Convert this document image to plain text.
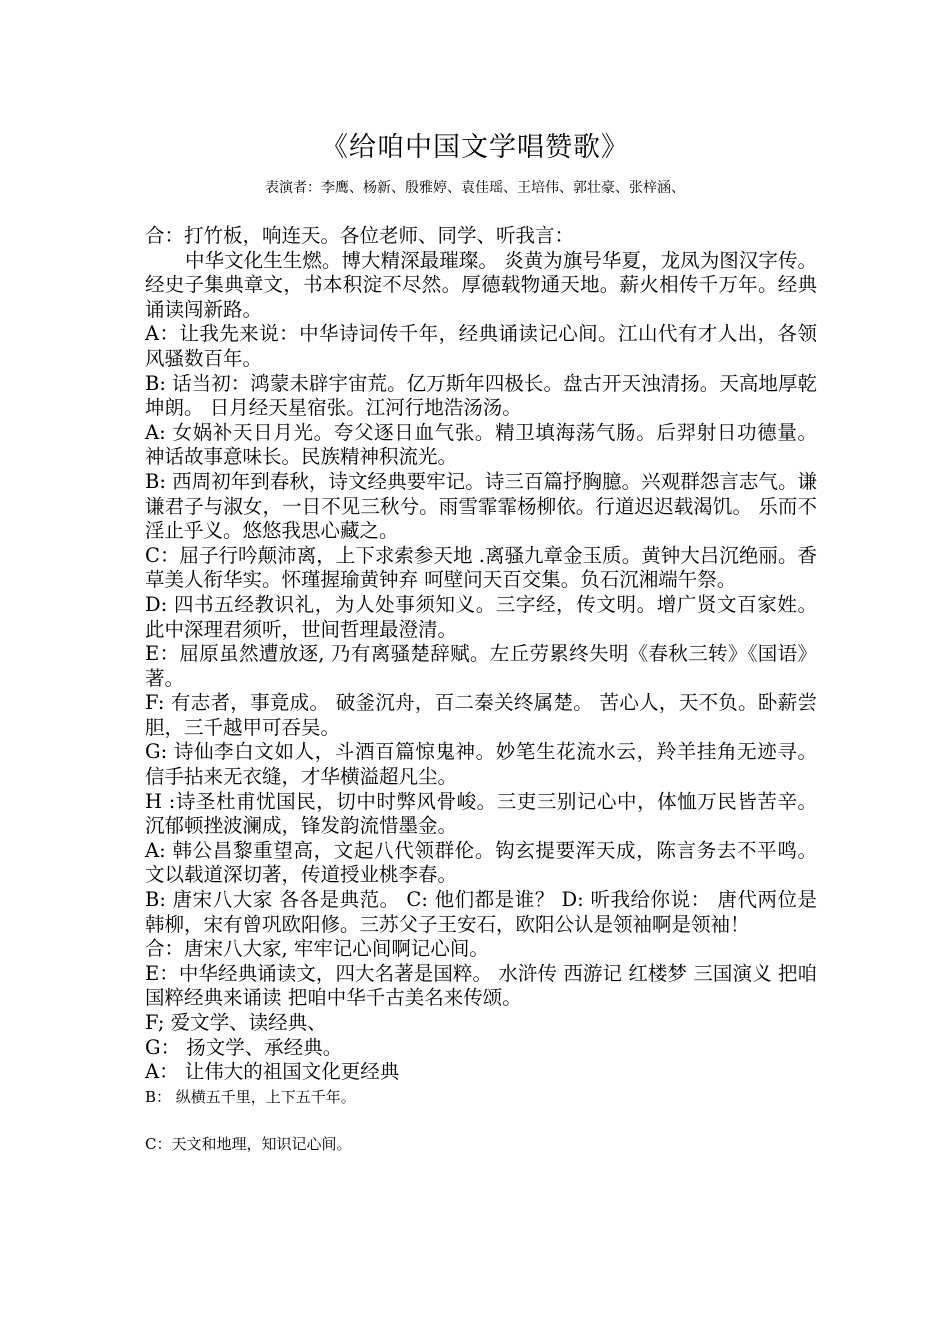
《给咱中国文学唱赞歌》
表演者：李鹰、杨新、殷雅婷、袁佳瑶、王培伟、郭壮豪、张梓涵、

合：打竹板，响连天。各位老师、同学、听我言：

中华文化生生燃。博大精深最璀璨。 炎黄为旗号华夏，龙凤为图汉字传。经史子集典章文，书本积淀不尽然。厚德载物通天地。薪火相传千万年。经典诵读闯新路。

A：让我先来说：中华诗词传千年，经典诵读记心间。江山代有才人出，各领风骚数百年。

B: 话当初：鸿蒙未辟宇宙荒。亿万斯年四极长。盘古开天浊清扬。天高地厚乾坤朗。 日月经天星宿张。江河行地浩汤汤。

A: 女娲补天日月光。夸父逐日血气张。精卫填海荡气肠。后羿射日功德量。 神话故事意味长。民族精神积流光。

B: 西周初年到春秋，诗文经典要牢记。诗三百篇抒胸臆。兴观群怨言志气。谦谦君子与淑女，一日不见三秋兮。雨雪霏霏杨柳依。行道迟迟载渴饥。 乐而不淫止乎义。悠悠我思心藏之。

C：屈子行吟颠沛离，上下求索参天地 .离骚九章金玉质。黄钟大吕沉绝丽。香草美人衔华实。怀瑾握瑜黄钟弃 呵壁问天百交集。负石沉湘端午祭。

D: 四书五经教识礼，为人处事须知义。三字经，传文明。增广贤文百家姓。 此中深理君须听，世间哲理最澄清。

E：屈原虽然遭放逐, 乃有离骚楚辞赋。左丘劳累终失明《春秋三转》《国语》著。

F: 有志者，事竟成。 破釜沉舟，百二秦关终属楚。 苦心人，天不负。卧薪尝胆，三千越甲可吞吴。

G: 诗仙李白文如人，斗酒百篇惊鬼神。妙笔生花流水云，羚羊挂角无迹寻。 信手拈来无衣缝，才华横溢超凡尘。

H :诗圣杜甫忧国民，切中时弊风骨峻。三吏三别记心中，体恤万民皆苦辛。 沉郁顿挫波澜成，锋发韵流惜墨金。

A: 韩公昌黎重望高，文起八代领群伦。钩玄提要浑天成，陈言务去不平鸣。 文以载道深切著，传道授业桃李春。

B: 唐宋八大家 各各是典范。 C: 他们都是谁？ D: 听我给你说： 唐代两位是韩柳，宋有曾巩欧阳修。三苏父子王安石，欧阳公认是领袖啊是领袖！

合：唐宋八大家, 牢牢记心间啊记心间。

E：中华经典诵读文，四大名著是国粹。 水浒传 西游记 红楼梦 三国演义 把咱国粹经典来诵读 把咱中华千古美名来传颂。

F; 爱文学、读经典、

G： 扬文学、承经典。

A： 让伟大的祖国文化更经典

B： 纵横五千里，上下五千年。

C：天文和地理，知识记心间。
